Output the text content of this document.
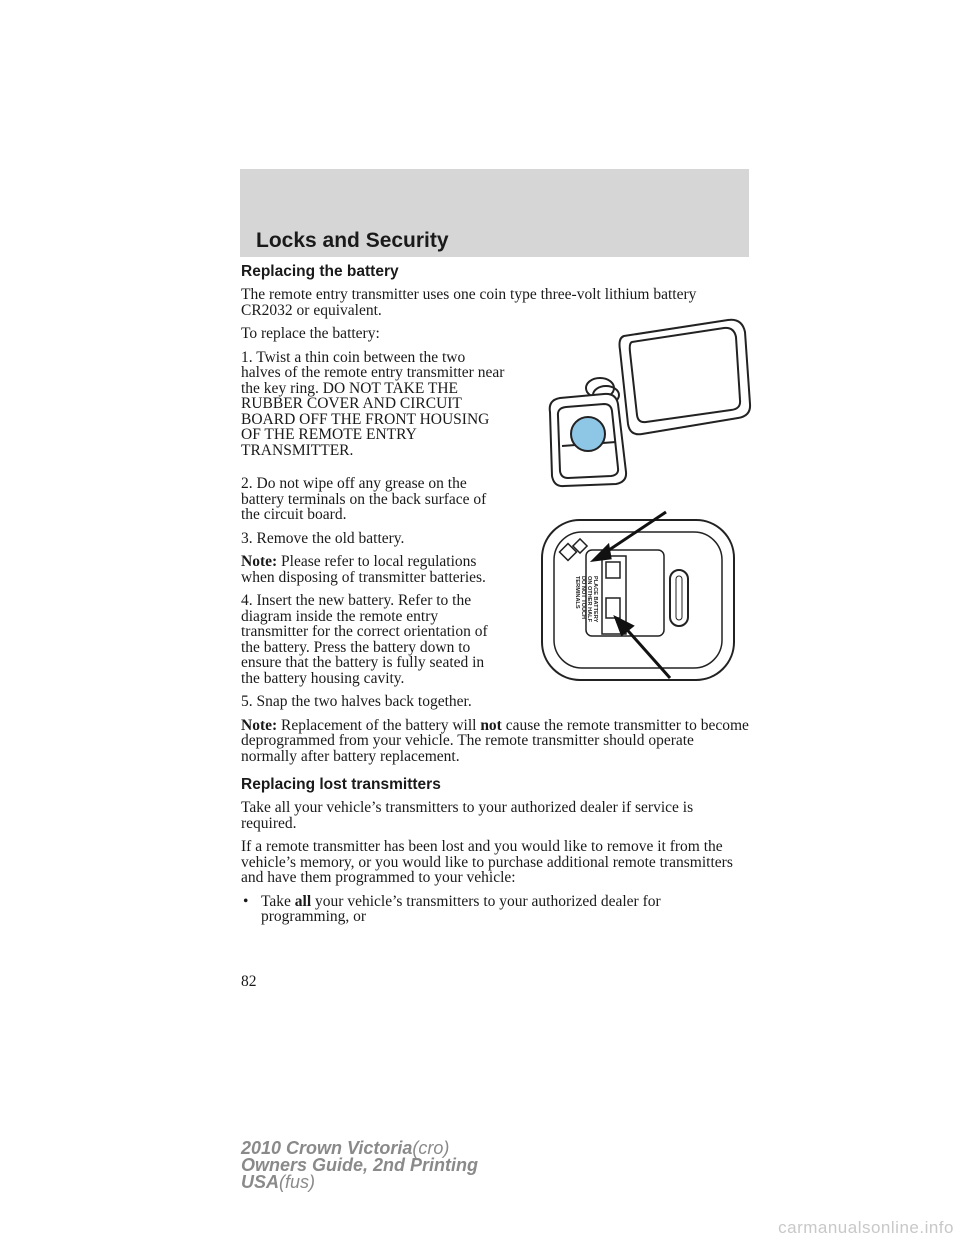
Locks and Security
Replacing the battery

The remote entry transmitter uses one coin type three-volt lithium battery CR2032 or equivalent.

To replace the battery:

1. Twist a thin coin between the two halves of the remote entry transmitter near the key ring. DO NOT TAKE THE RUBBER COVER AND CIRCUIT BOARD OFF THE FRONT HOUSING OF THE REMOTE ENTRY TRANSMITTER.

2. Do not wipe off any grease on the battery terminals on the back surface of the circuit board.

3. Remove the old battery.

Note: Please refer to local regulations when disposing of transmitter batteries.

4. Insert the new battery. Refer to the diagram inside the remote entry transmitter for the correct orientation of the battery. Press the battery down to ensure that the battery is fully seated in the battery housing cavity.

5. Snap the two halves back together.

Note: Replacement of the battery will not cause the remote transmitter to become deprogrammed from your vehicle. The remote transmitter should operate normally after battery replacement.

Replacing lost transmitters

Take all your vehicle’s transmitters to your authorized dealer if service is required.

If a remote transmitter has been lost and you would like to remove it from the vehicle’s memory, or you would like to purchase additional remote transmitters and have them programmed to your vehicle:

• Take all your vehicle’s transmitters to your authorized dealer for programming, or

82
PLACE BATTERY
ON OTHER HALF
DO NOT TOUCH
TERMINALS
2010 Crown Victoria(cro)
Owners Guide, 2nd Printing
USA(fus)
carmanualsonline.info
